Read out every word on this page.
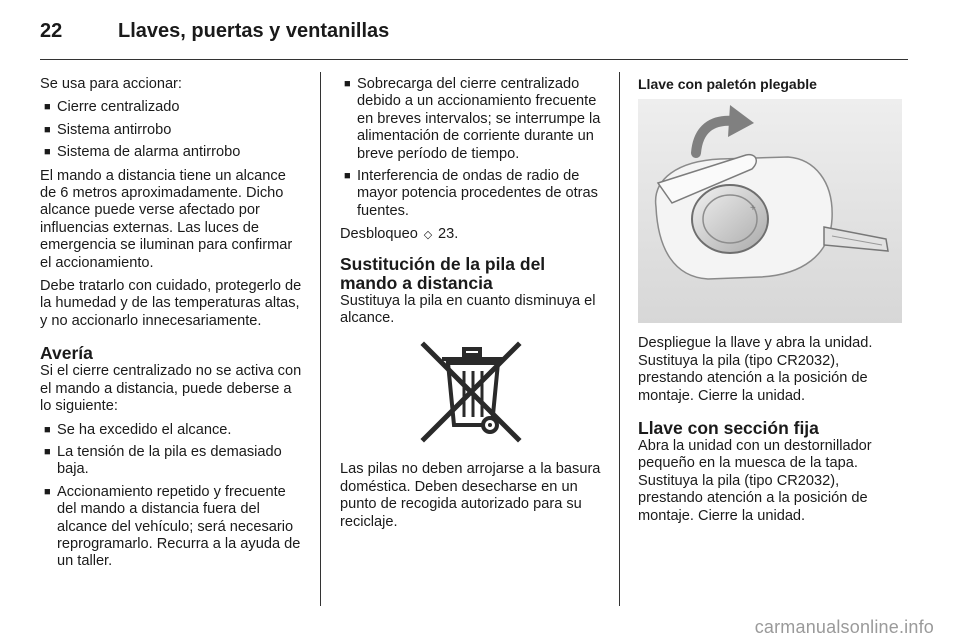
22	Llaves, puertas y ventanillas

Se usa para accionar:

■ Cierre centralizado
■ Sistema antirrobo
■ Sistema de alarma antirrobo

El mando a distancia tiene un alcance de 6 metros aproximadamente. Dicho alcance puede verse afectado por influencias externas. Las luces de emergencia se iluminan para confirmar el accionamiento.

Debe tratarlo con cuidado, protegerlo de la humedad y de las temperaturas altas, y no accionarlo innecesariamente.

Avería

Si el cierre centralizado no se activa con el mando a distancia, puede deberse a lo siguiente:

■ Se ha excedido el alcance.
■ La tensión de la pila es demasiado baja.
■ Accionamiento repetido y frecuente del mando a distancia fuera del alcance del vehículo; será necesario reprogramarlo. Recurra a la ayuda de un taller.
■ Sobrecarga del cierre centralizado debido a un accionamiento frecuente en breves intervalos; se interrumpe la alimentación de corriente durante un breve período de tiempo.
■ Interferencia de ondas de radio de mayor potencia procedentes de otras fuentes.

Desbloqueo ◇ 23.

Sustitución de la pila del mando a distancia

Sustituya la pila en cuanto disminuya el alcance.

Las pilas no deben arrojarse a la basura doméstica. Deben desecharse en un punto de recogida autorizado para su reciclaje.

Llave con paletón plegable
+

Despliegue la llave y abra la unidad. Sustituya la pila (tipo CR2032), prestando atención a la posición de montaje. Cierre la unidad.

Llave con sección fija

Abra la unidad con un destornillador pequeño en la muesca de la tapa. Sustituya la pila (tipo CR2032), prestando atención a la posición de montaje. Cierre la unidad.

carmanualsonline.info
